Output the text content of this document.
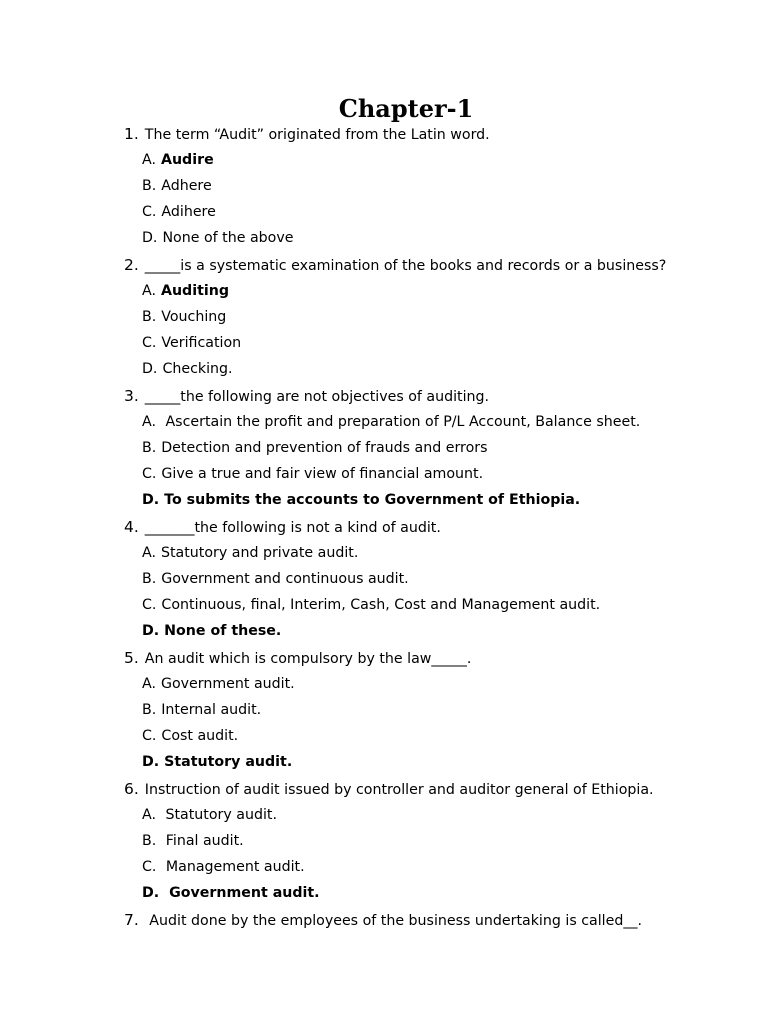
Chapter-1
1. The term “Audit” originated from the Latin word.
A. Audire
B. Adhere
C. Adihere
D. None of the above
2. _____is a systematic examination of the books and records or a business?
A. Auditing
B. Vouching
C. Verification
D. Checking.
3. _____the following are not objectives of auditing.
A. Ascertain the profit and preparation of P/L Account, Balance sheet.
B. Detection and prevention of frauds and errors
C. Give a true and fair view of financial amount.
D. To submits the accounts to Government of Ethiopia.
4. _______the following is not a kind of audit.
A. Statutory and private audit.
B. Government and continuous audit.
C. Continuous, final, Interim, Cash, Cost and Management audit.
D. None of these.
5. An audit which is compulsory by the law_____.
A. Government audit.
B. Internal audit.
C. Cost audit.
D. Statutory audit.
6. Instruction of audit issued by controller and auditor general of Ethiopia.
A. Statutory audit.
B. Final audit.
C. Management audit.
D. Government audit.
7. Audit done by the employees of the business undertaking is called__.
